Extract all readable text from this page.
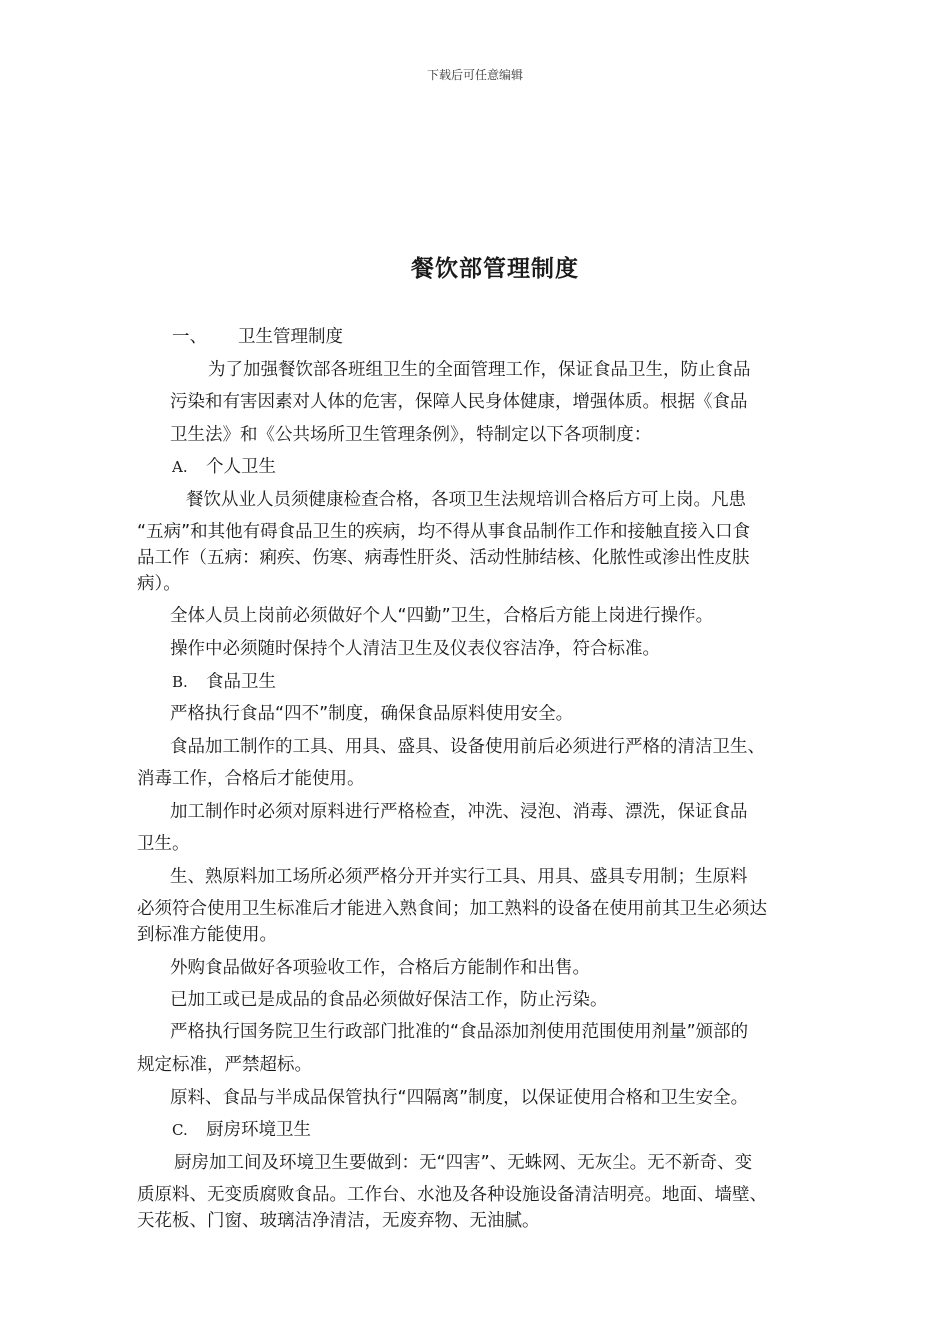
下载后可任意编辑
餐饮部管理制度
一、 卫生管理制度
为了加强餐饮部各班组卫生的全面管理工作，保证食品卫生，防止食品
污染和有害因素对人体的危害，保障人民身体健康，增强体质。根据《食品
卫生法》和《公共场所卫生管理条例》，特制定以下各项制度：
A. 个人卫生
餐饮从业人员须健康检查合格，各项卫生法规培训合格后方可上岗。凡患
“五病”和其他有碍食品卫生的疾病，均不得从事食品制作工作和接触直接入口食
品工作（五病：痢疾、伤寒、病毒性肝炎、活动性肺结核、化脓性或渗出性皮肤
病）。
全体人员上岗前必须做好个人“四勤”卫生，合格后方能上岗进行操作。
操作中必须随时保持个人清洁卫生及仪表仪容洁净，符合标准。
B. 食品卫生
严格执行食品“四不”制度，确保食品原料使用安全。
食品加工制作的工具、用具、盛具、设备使用前后必须进行严格的清洁卫生、
消毒工作，合格后才能使用。
加工制作时必须对原料进行严格检查，冲洗、浸泡、消毒、漂洗，保证食品
卫生。
生、熟原料加工场所必须严格分开并实行工具、用具、盛具专用制；生原料
必须符合使用卫生标准后才能进入熟食间；加工熟料的设备在使用前其卫生必须达
到标准方能使用。
外购食品做好各项验收工作，合格后方能制作和出售。
已加工或已是成品的食品必须做好保洁工作，防止污染。
严格执行国务院卫生行政部门批准的“食品添加剂使用范围使用剂量”颁部的
规定标准，严禁超标。
原料、食品与半成品保管执行“四隔离”制度，以保证使用合格和卫生安全。
C. 厨房环境卫生
厨房加工间及环境卫生要做到：无“四害”、无蛛网、无灰尘。无不新奇、变
质原料、无变质腐败食品。工作台、水池及各种设施设备清洁明亮。地面、墙壁、
天花板、门窗、玻璃洁净清洁，无废弃物、无油腻。
